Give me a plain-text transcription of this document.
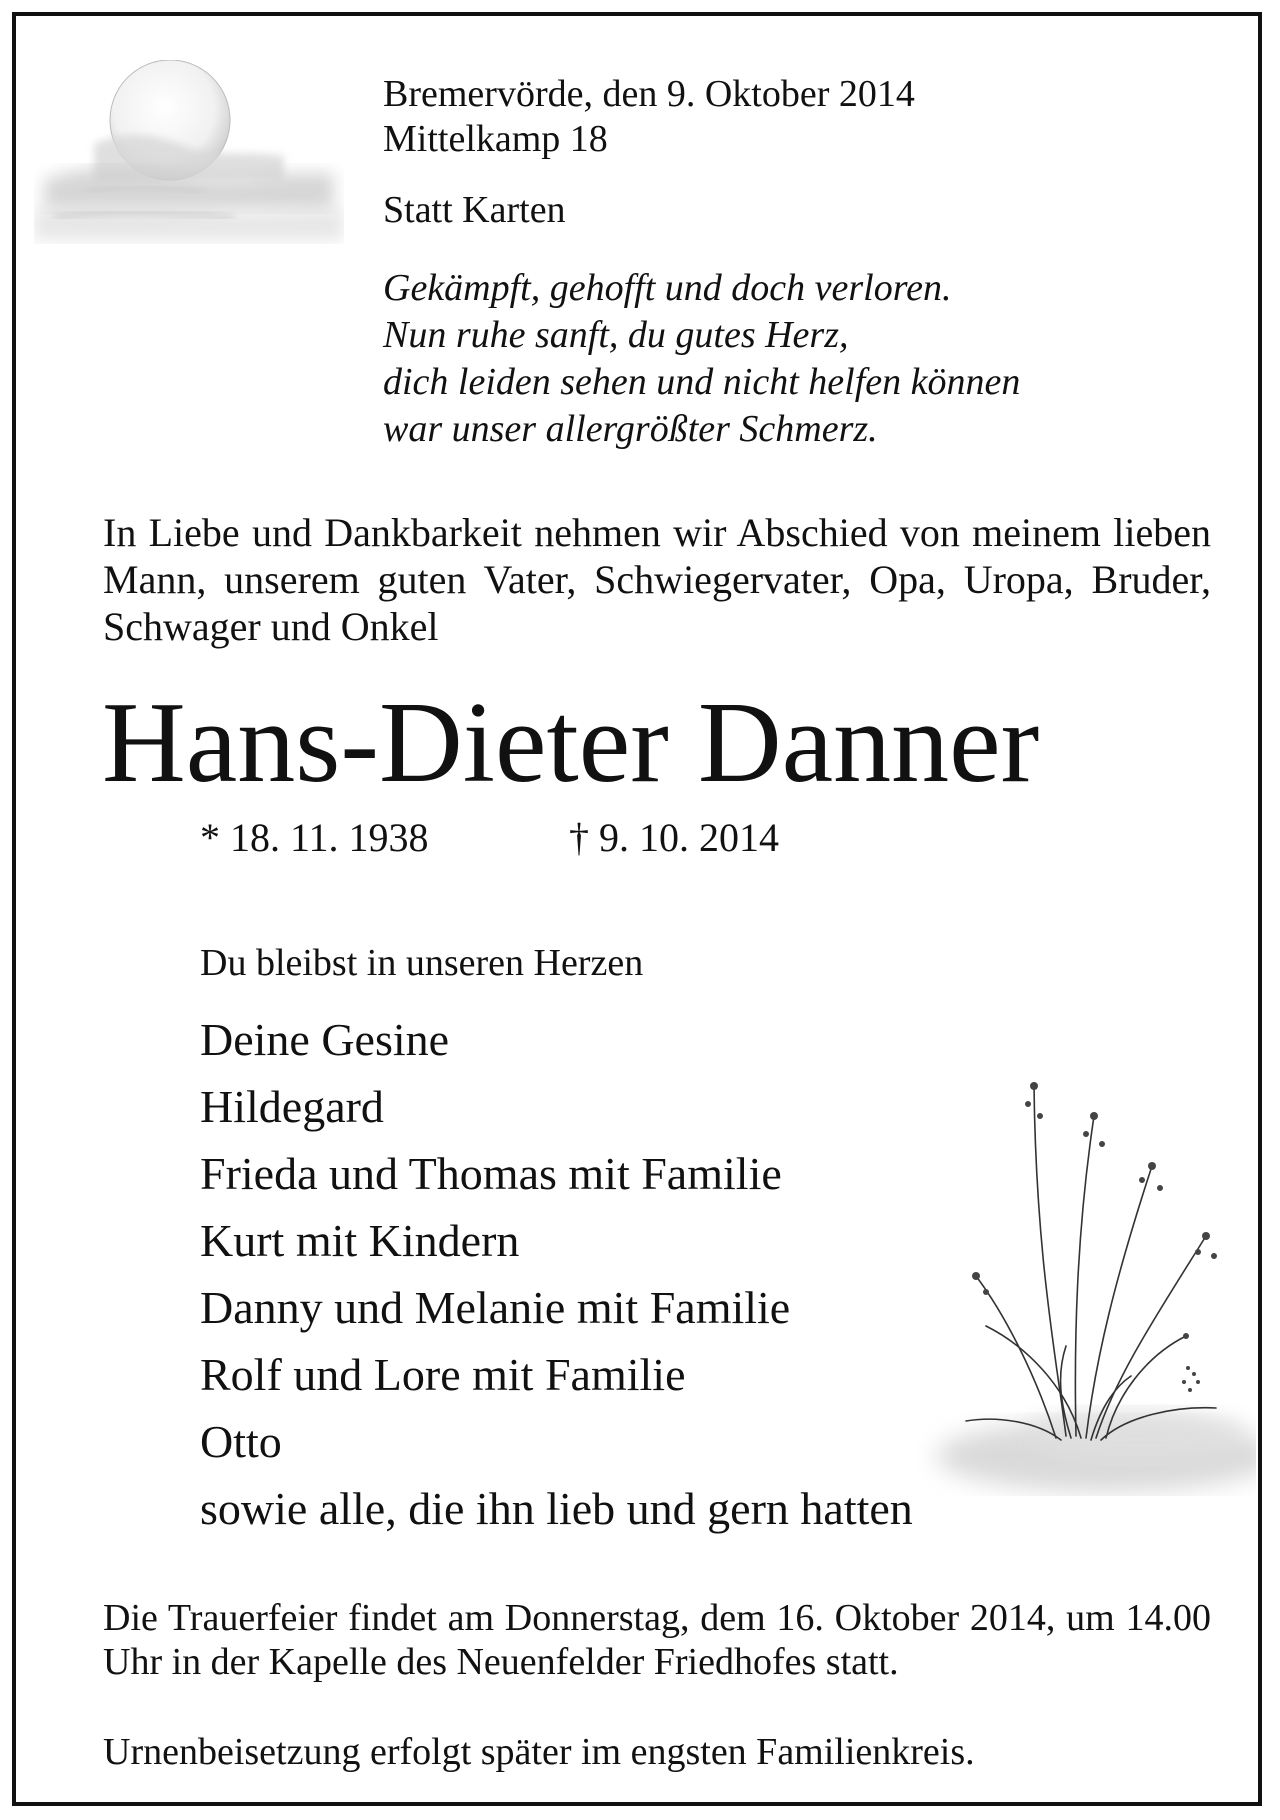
Bremervörde, den 9. Oktober 2014
Mittelkamp 18
Statt Karten
Gekämpft, gehofft und doch verloren.
Nun ruhe sanft, du gutes Herz,
dich leiden sehen und nicht helfen können
war unser allergrößter Schmerz.

In Liebe und Dankbarkeit nehmen wir Abschied von meinem lieben Mann, unserem guten Vater, Schwiegervater, Opa, Uropa, Bruder, Schwager und Onkel

Hans-Dieter Danner
* 18. 11. 1938	† 9. 10. 2014
Du bleibst in unseren Herzen
Deine Gesine
Hildegard
Frieda und Thomas mit Familie
Kurt mit Kindern
Danny und Melanie mit Familie
Rolf und Lore mit Familie
Otto
sowie alle, die ihn lieb und gern hatten

Die Trauerfeier findet am Donnerstag, dem 16. Oktober 2014, um 14.00 Uhr in der Kapelle des Neuenfelder Friedhofes statt.

Urnenbeisetzung erfolgt später im engsten Familienkreis.
